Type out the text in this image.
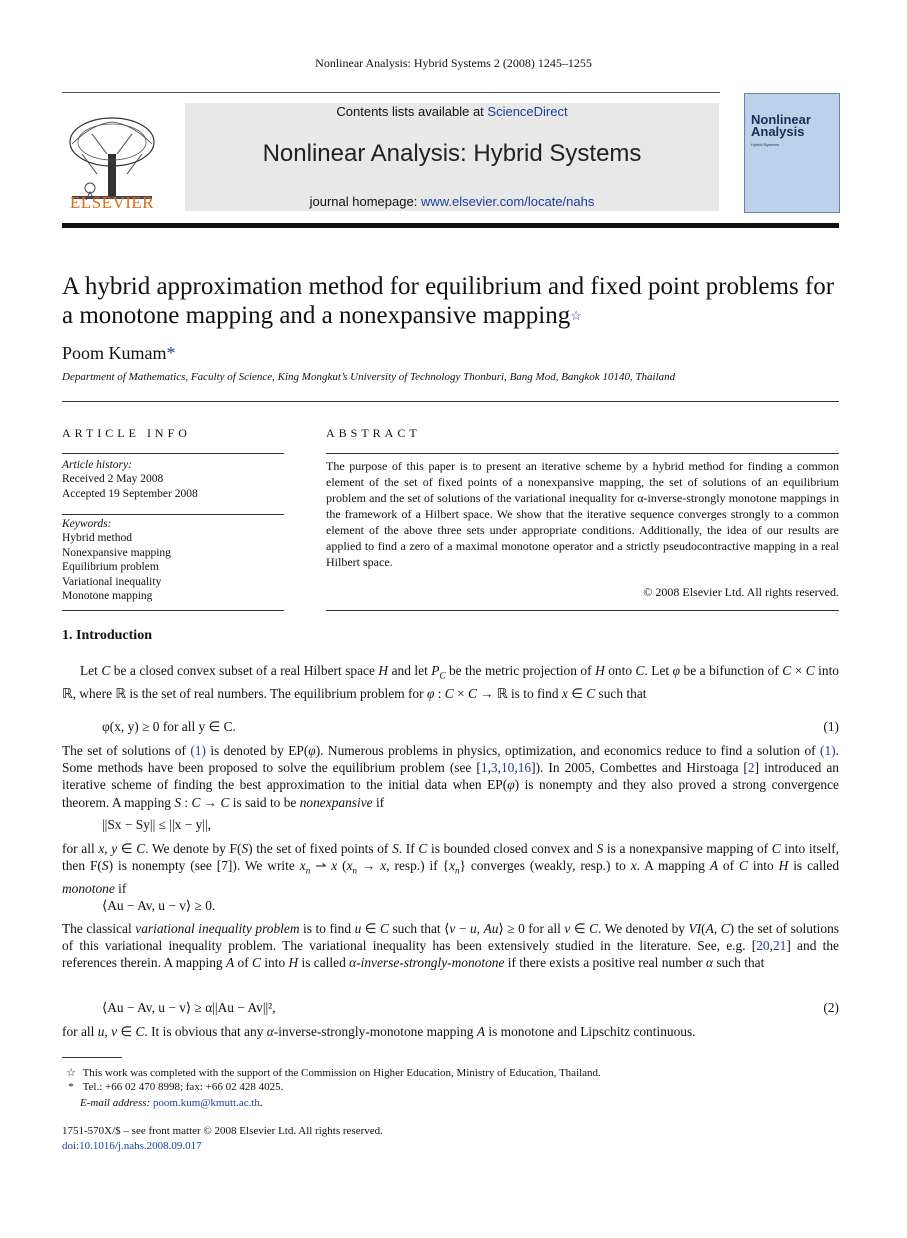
Nonlinear Analysis: Hybrid Systems 2 (2008) 1245–1255
Contents lists available at ScienceDirect
Nonlinear Analysis: Hybrid Systems
journal homepage: www.elsevier.com/locate/nahs
ELSEVIER
Nonlinear Analysis
Hybrid Systems
A hybrid approximation method for equilibrium and fixed point problems for a monotone mapping and a nonexpansive mapping☆
Poom Kumam*
Department of Mathematics, Faculty of Science, King Mongkut’s University of Technology Thonburi, Bang Mod, Bangkok 10140, Thailand
ARTICLE INFO	ABSTRACT
Article history:
Received 2 May 2008
Accepted 19 September 2008
Keywords:
Hybrid method
Nonexpansive mapping
Equilibrium problem
Variational inequality
Monotone mapping
The purpose of this paper is to present an iterative scheme by a hybrid method for finding a common element of the set of fixed points of a nonexpansive mapping, the set of solutions of an equilibrium problem and the set of solutions of the variational inequality for α-inverse-strongly monotone mappings in the framework of a Hilbert space. We show that the iterative sequence converges strongly to a common element of the above three sets under appropriate conditions. Additionally, the idea of our results are applied to find a zero of a maximal monotone operator and a strictly pseudocontractive mapping in a real Hilbert space.
© 2008 Elsevier Ltd. All rights reserved.
1. Introduction
Let C be a closed convex subset of a real Hilbert space H and let $P_C$ be the metric projection of H onto C. Let φ be a bifunction of C × C into ℝ, where ℝ is the set of real numbers. The equilibrium problem for φ : C × C → ℝ is to find x ∈ C such that
φ(x, y) ≥ 0 for all y ∈ C.	(1)
The set of solutions of (1) is denoted by EP(φ). Numerous problems in physics, optimization, and economics reduce to find a solution of (1). Some methods have been proposed to solve the equilibrium problem (see [1,3,10,16]). In 2005, Combettes and Hirstoaga [2] introduced an iterative scheme of finding the best approximation to the initial data when EP(φ) is nonempty and they also proved a strong convergence theorem. A mapping S : C → C is said to be nonexpansive if
||Sx − Sy|| ≤ ||x − y||,
for all x, y ∈ C. We denote by F(S) the set of fixed points of S. If C is bounded closed convex and S is a nonexpansive mapping of C into itself, then F(S) is nonempty (see [7]). We write $x_n$ ⇀ x ($x_n \to x$, resp.) if $\{x_n\}$ converges (weakly, resp.) to x. A mapping A of C into H is called monotone if
⟨Au − Av, u − v⟩ ≥ 0.
The classical variational inequality problem is to find u ∈ C such that ⟨v − u, Au⟩ ≥ 0 for all v ∈ C. We denoted by VI(A, C) the set of solutions of this variational inequality problem. The variational inequality has been extensively studied in the literature. See, e.g. [20,21] and the references therein. A mapping A of C into H is called α-inverse-strongly-monotone if there exists a positive real number α such that
⟨Au − Av, u − v⟩ ≥ α||Au − Av||²,	(2)
for all u, v ∈ C. It is obvious that any α-inverse-strongly-monotone mapping A is monotone and Lipschitz continuous.
☆ This work was completed with the support of the Commission on Higher Education, Ministry of Education, Thailand.
* Tel.: +66 02 470 8998; fax: +66 02 428 4025.
E-mail address: poom.kum@kmutt.ac.th.
1751-570X/$ – see front matter © 2008 Elsevier Ltd. All rights reserved.
doi:10.1016/j.nahs.2008.09.017
